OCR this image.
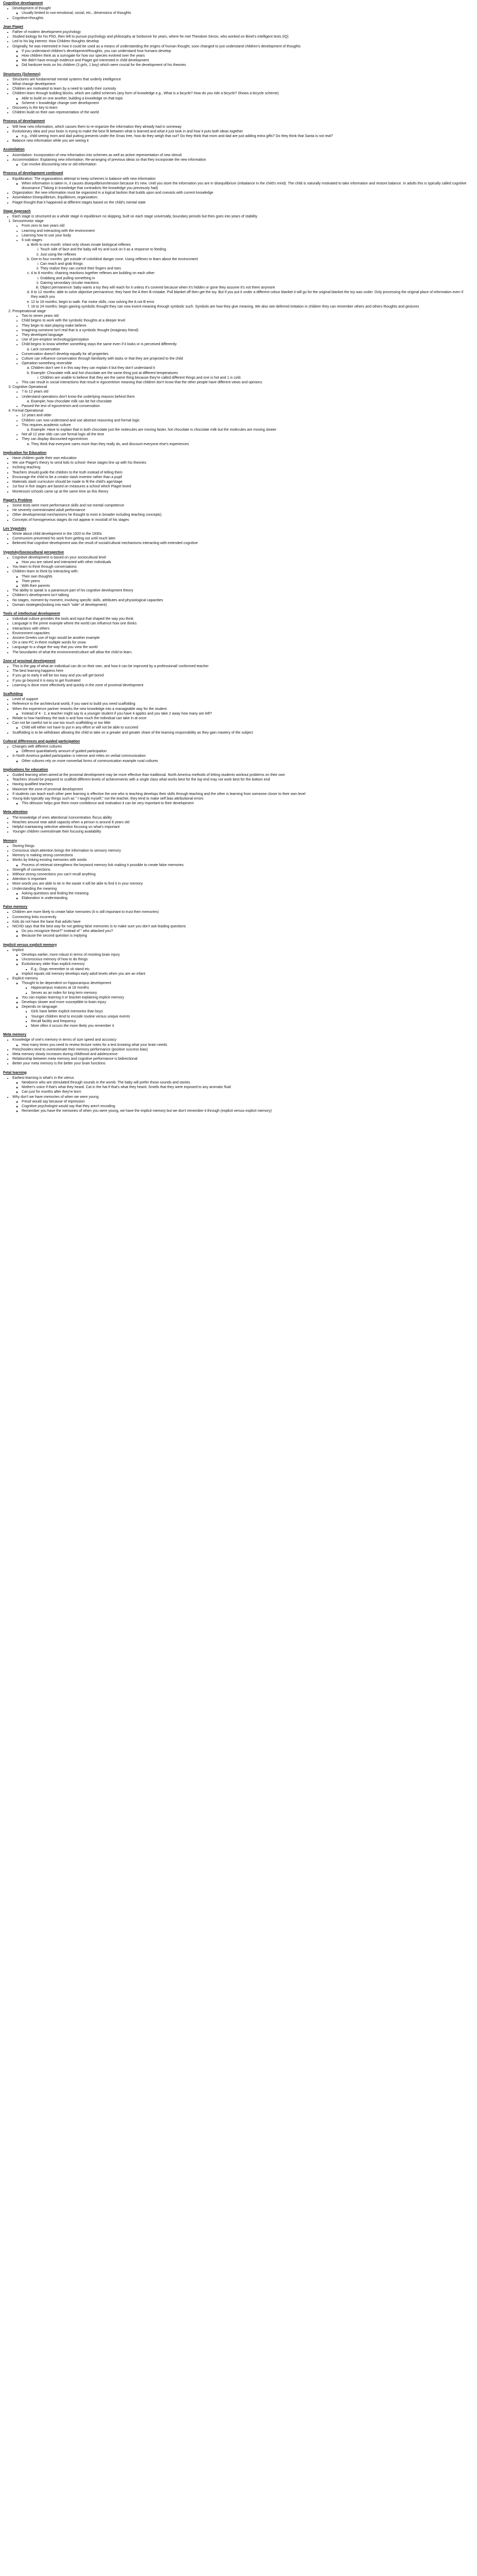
Cognitive development
• Development of thought
◦ Usually limited to non-emotional, social, etc., dimensions of thoughts
• Cognitive=thoughts
Jean Piaget
• Father of modern development psychology
• Studied biology for his PhD, then left to pursue psychology and philosophy at Sorbonne for years, where he met Theodore Simon, who worked on Binet's intelligent tests (IQ)
• Led to his big interest: How Children thoughts develop
• Originally, he was interested in how it could be used as a means of understanding the origins of human thought, soon changed to just understand children's development of thoughts
◦ If you understand children's development/thoughts, you can understand how humans develop
◦ How children think as a surrogate for how our species evolved over the years
◦ We didn't have enough evidence and Piaget got interested in child development
◦ Did hardcore tests on his children (3 girls, 1 boy) which were crucial for the development of his theories
Structures (Schemes)
• Structures are fundamental mental systems that underly intelligence
• What change development
• Children are motivated to learn by a need to satisfy their curiosity
• Children learn through building blocks, which are called schemes (any form of knowledge e.g., What is a bicycle? How do you ride a bicycle? Shows a bicycle scheme)
◦ Able to build on one another, building a knowledge on that topic
◦ Scheme = knowledge change over development
• Discovery is the key to learn
• Children build on their own representation of the world
Process of development
• Will hear new information, which causes them to re-organize the information they already had in someway
• Evolutionary idea and your brain is trying to make the best fit between what is learned and what it just took in and how it puts both ideas together
◦ e.g., child seeing mom and dad putting presents under the Xmas tree, how do they weigh that out? Do they think that mom and dad are just adding extra gifts? Do they think that Santa is not real?
• Balance new information while you are seeing it
Assimilation
• Assimilation: Incorporation of new information into schemes as well as active representation of new stimuli
• Accommodation: Explaining new information. Re-arranging of previous ideas so that they incorporate the new information
◦ Can involve discounting new or old information
Process of development continued
• Equilibration: The organizations attempt to keep schemes in balance with new information
◦ When information is taken in, it causes disequilibrium/tension because it's new. Until you store the information you are in disequilibrium (imbalance in the child's mind). The child is naturally motivated to take information and restore balance. In adults this is typically called cognitive dissonance ("Taking in knowledge that contradicts the knowledge you previously had)
• Organization: the new information must be organized in a logical fashion that builds upon and coexists with current knowledge
• Assimilation-Disequilibrium, Equilibrium, organization;
• Piaget thought that it happened at different stages based on the child's mental state
Stage Approach
• Each stage is structured as a whole stage in equilibrium no skipping, built on each stage universally, boundary periods but then goes into years of stability
1. Sensorimotor stage
• From zero to two years old
• Learning and interacting with the environment
• Learning how to use your body
• 6 sub stages
a. Birth to one month: infant only shows innate biological reflexes
i. Touch side of face and the baby will try and suck on it as a response to feeding
ii. Just using the reflexes
b. One to four months: get outside of colorblind danger zone. Using reflexes to learn about the environment
i. Can reach and grab things
ii. They realize they can control their fingers and toes
c. 4 to 8 months: chaining reactions together reflexes are building on each other
i. Grabbing and pulling something in
ii. Gaining secondary circular reactions
iii. Object permanence: baby wants a toy they will reach for it unless it's covered because when it's hidden or gone they assume it's not there anymore
d. 8 to 12 months: able to solve objective permanence, they have the A then B mistake. Pull blanket off then get the toy. But if you put it under a different colour blanket it will go for the original blanket the toy was under. Only processing the original place of information even if they watch you
e. 12 to 18 months: begin to walk. Far motor skills, now solving the A not B error
f. 18 to 24 months: begin gaining symbolic thought they can now invent meaning through symbolic such. Symbols are how they give meaning. We also see deferred imitation in children they can remember others and others thoughts and gestures
2. Preoperational stage
• Two to seven years old
• Child begins to work with the symbolic thoughts at a deeper level
• They begin to start playing make believe
• Imagining someone isn't real that is a symbolic thought (imaginary friend)
• They developed language
• Use of pre-emption technology(perception
• Child begins to know whether something stays the same even if it looks or is perceived differently
a. Lack conservation
• Conservation doesn't develop equally for all properties
• Culture can influence conservation through familiarity with tasks or that they are projected to the child
• Operation-something reversible
a. Children don't see it in this way they can explain it but they don't understand it
b. Example: Chocolate milk and hot chocolate are the same thing just at different temperatures
i. Children are unable to believe that they are the same thing because they're called different things and one is hot and 1 is cold.
• This can result in social interactions that result in egocentrism meaning that children don't know that the other people have different views and opinions
3. Cognitive Operational
• 7 to 12 years old
• Understand operations don't know the underlying reasons behind them
a. Example; how chocolate milk can be hot chocolate
• Passed the test of egocentrism and conservation
4. Formal Operational
• 12 years and older
• Children can now understand and use abstract reasoning and formal logic
• This requires academic culture
a. Example: Have to explain that in both chocolate just the molecules are moving faster, hot chocolate is chocolate milk but the molecules are moving slower
• Not all 12 year olds can use formal logic all the time
• They can display discounted egocentrism
a. They think that everyone cares more than they really do, and discount everyone else's experiences
Implication for Education
• Have children guide their own education
• We use Piaget's theory to send kids to school- these stages line up with his theories
• Inclining teaching
• Teachers should guide the children to the truth instead of telling them
• Encourage the child to be a creator slash inventor rather than a pupil
• Materials slash curriculum should be made to fit the child's age/stage
• 1st four in five stages are based on measures a school which Piaget loved
• Montessori schools came up at the same time as this theory
Piaget's Problem
• Some tests were more performance skills and not mental competence
• He severely overestimated adult performance
• Other developmental mechanisms he thought to exist in broader including teaching concepts)
• Concepts of homogeneous stages do not appear in most/all of his stages
Lev Vygotsky
• Wrote about child development in the 1920 to the 1930s
• Communism prevented his work from getting out until much later
• Believed that cognitive development was the result of social/cultural mechanisms interacting with extended cognitive
Vygotsky/Sociocultural perspective
• Cognitive development is based on your sociocultural level
◦ How you are raised and interacted with other individuals
• You learn to think through conversations
• Children learn to think by interacting with:
◦ Their own thoughts
◦ Their peers
◦ With their parents
• The ability to speak is a paramount part of his cognitive development theory
• Children's development isn't talking
• No stages, moment by moment, involving specific skills, attributes and physiological capacities
• Domain strategies(looking into each "side" of development)
Tools of intellectual development
• Individual culture provides the tools and input that shaped the way you think
• Language is the prime example where the world can influence how one thinks
• Interactions with others
• Environment capacities
• Ancient Greeks use of logic would be another example
• On a new PC in-there multiple words for snow
• Language to a shape the way that you view the world
• The boundaries of what the environment/culture will allow the child to learn
Zone of proximal development
• This is the gap of what an individual can do on their own, and how it can be improved by a professional/ conformed teacher
• The best learning happens here
• If you go to early it will be too easy and you will get bored
• If you go beyond it is easy to get frustrated
• Learning is done more effectively and quickly in the zone of proximal development
Scaffolding
• Level of support
• Reference to the architectural world, if you want to build you need scaffolding
• When the experience partner reworks the new knowledge into a manageable way for the student
◦ Instead of 4 - 2, a teacher might say to a younger student if you have 4 apples and you take 2 away how many are left?
• Relate to how hard/easy the task is and how much the individual can take in at once
• Can not be careful not to use too much scaffolding or too little
◦ Child will either not have to put in any effort or will not be able to succeed
• Scaffolding is to be withdrawn allowing the child to take on a greater and greater share of the learning responsibility as they gain mastery of the subject
Cultural differences and guided participation
• Changes with different cultures
◦ Different quantitatively amount of guided participation
• In North America guided participation is intense and relies on verbal communication
◦ Other cultures rely on more nonverbal forms of communication example rural cultures
Implications for education
• Guided learning when aimed at the proximal development may be more effective than traditional. North America methods of letting students workout problems on their own
• Teachers should be prepared to scaffold different levels of achievements with a single class what works best for the top end may not work best for the bottom end
• Having qualified teachers
• Maximize the zone of proximal development
• If students can teach each other peer learning is effective the one who is teaching develops their skills through teaching and the other is learning from someone closer to their own level
• Young kids typically say things such as " I taught myself," not the teacher, they tend to make self bias attributional errors
◦ This delusion helps give them more confidence and motivation it can be very important to their development
Meta attention
• The knowledge of ones attentional /concentration /focus ability
• Reaches around near adult capacity when a person is around 8 years old
• Helpful maintaining selective attention focusing on what's important
• Younger children overestimate their focusing availability
Memory
• Storing things
• Conscious slash attention brings the information to sensory memory
• Memory is making strong connections
• Works by linking existing memories with words
◦ Process of retrieval strengthens the keyword memory link making it possible to create false memories
• Strength of connections
• Without strong connections you can't recall anything
• Attention is important
• More words you are able to tie in the easier it will be able to find it in your memory
• Understanding the meaning
◦ Asking questions and finding the meaning
◦ Elaboration is understanding
False memory
• Children are more likely to create false memories (it is still important to trust their memories)
• Connecting links incorrectly
• Kids do not have the base that adults have
• NICHD says that the best way for not getting false memories is to make sure you don't ask leading questions
◦ Do you recognize these?" instead of " who attacked you?
◦ Because the second question is implying
Implicit versus explicit memory
• Implicit
◦ Develops earlier, more robust in terms of resisting brain injury
◦ Unconscious memory of how to do things
◦ Evolutionary older than explicit memory
▪ E.g.; Dogs remember to sit stand etc.
◦ Implicit equals old memory develops early adult levels when you are an infant
• Explicit memory
◦ Thought to be dependent on hippocampus development
▪ Hippocampus matures at 18 months
▪ Serves as an index for long term memory
◦ You can explain learning it or bracket explaining implicit memory
◦ Develops slower and more susceptible to brain injury
◦ Depends on language:
▪ Girls have better explicit memories than boys
▪ Younger children tend to encode routine versus unique events
▪ Recall facility and frequency
▪ More often it occurs the more likely you remember it
Meta memory
• Knowledge of one's memory in terms of size speed and accuracy
◦ How many times you need to review lecture notes for a test knowing what your brain needs
• Preschoolers tend to overestimate their memory performance (positive success bias)
• Meta memory slowly increases during childhood and adolescence
• Relationship between meta memory and cognitive performance is bidirectional
• Better your meta memory is the better your brain functions
Fetal learning
• Earliest learning is what's in the uterus
◦ Newborns who are stimulated through sounds in the womb. The baby will prefer those sounds and stories
◦ Mother's voice if that's what they heard. Cat in the hat if that's what they heard. Smells that they were exposed to any aromatic fluid
◦ Can just for months after they're born
• Why don't we have memories of when we were young
◦ Freud would say because of repression
◦ Cognitive psychologist would say that they aren't encoding
◦ Remember you have the memories of when you were young, we have the implicit memory but we don't remember it through (explicit versus explicit memory)
